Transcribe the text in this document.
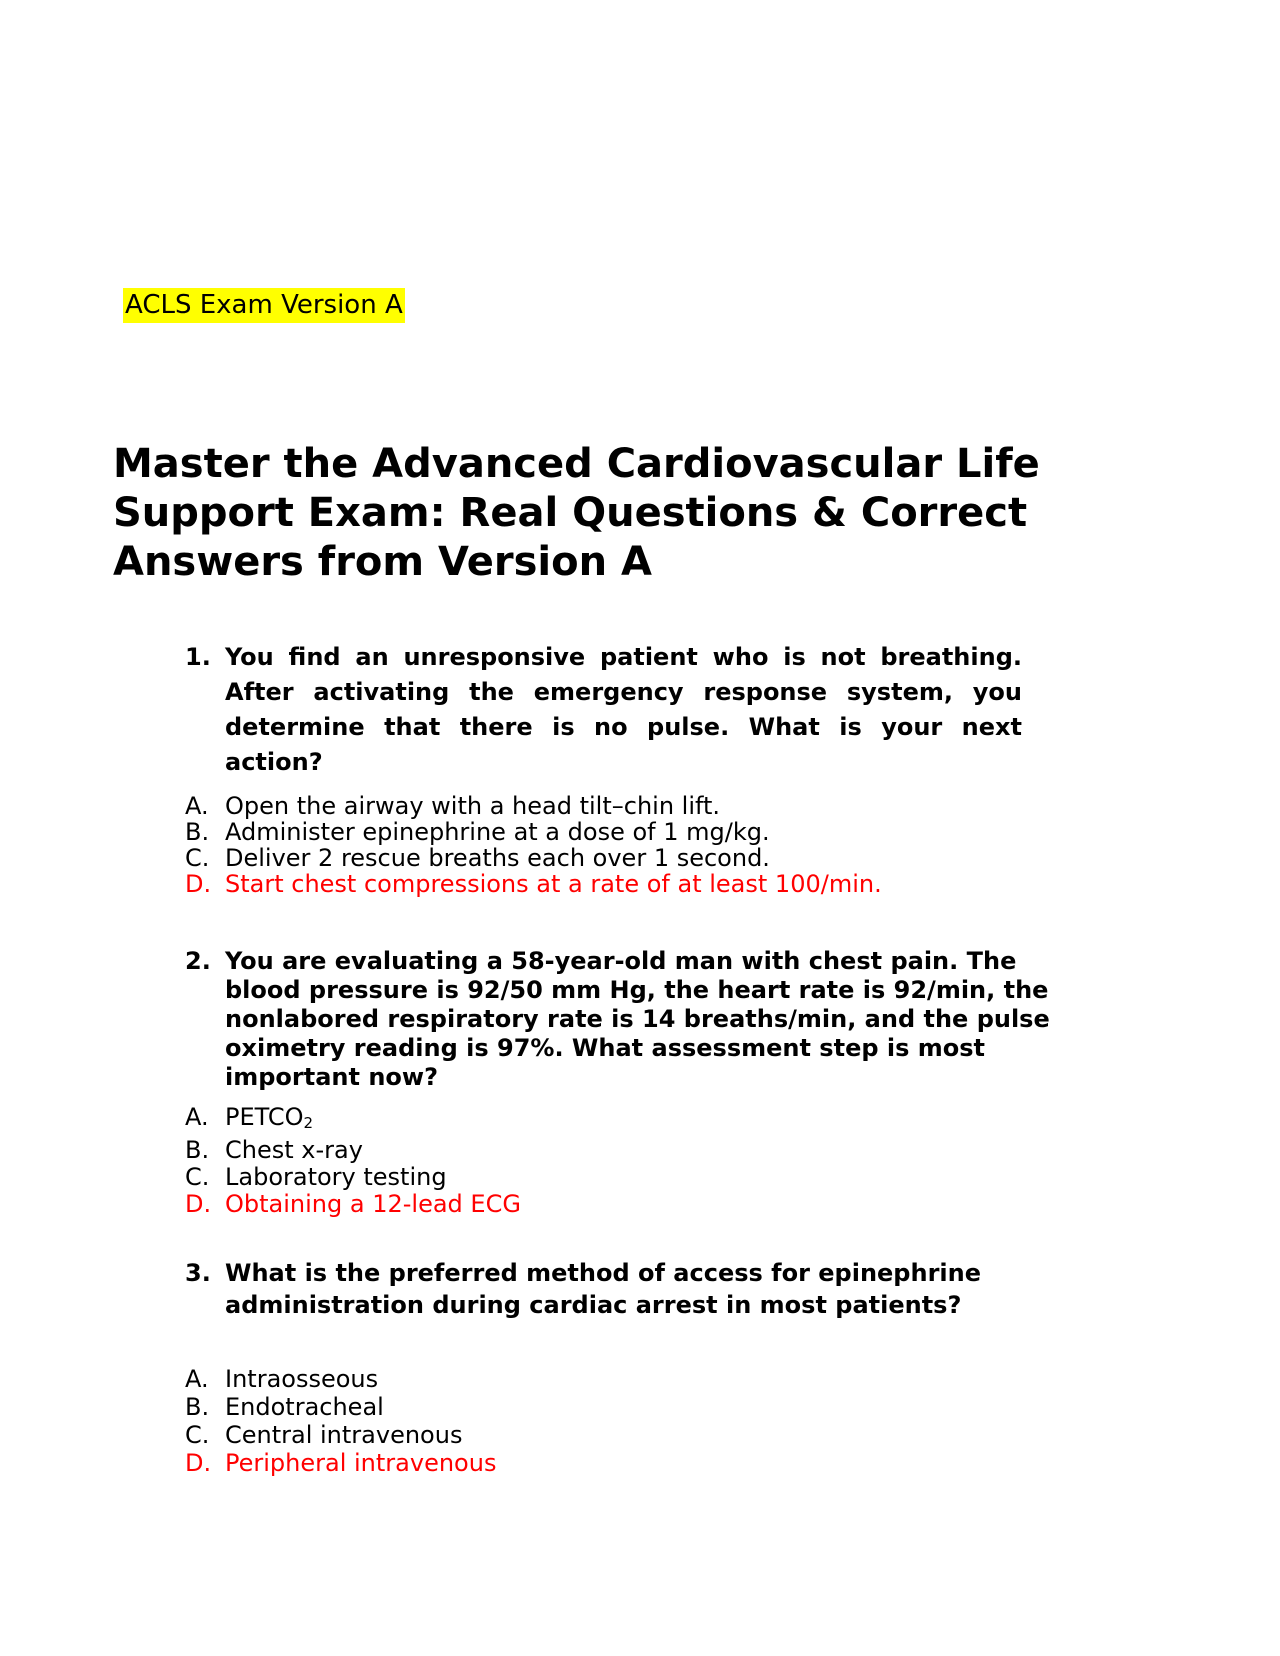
ACLS Exam Version A
Master the Advanced Cardiovascular Life Support Exam: Real Questions & Correct Answers from Version A
1. You find an unresponsive patient who is not breathing. After activating the emergency response system, you determine that there is no pulse. What is your next action?
A. Open the airway with a head tilt–chin lift.
B. Administer epinephrine at a dose of 1 mg/kg.
C. Deliver 2 rescue breaths each over 1 second.
D. Start chest compressions at a rate of at least 100/min.
2. You are evaluating a 58-year-old man with chest pain. The blood pressure is 92/50 mm Hg, the heart rate is 92/min, the nonlabored respiratory rate is 14 breaths/min, and the pulse oximetry reading is 97%. What assessment step is most important now?
A. $PETCO_2$
B. Chest x-ray
C. Laboratory testing
D. Obtaining a 12-lead ECG
3. What is the preferred method of access for epinephrine administration during cardiac arrest in most patients?
A. Intraosseous
B. Endotracheal
C. Central intravenous
D. Peripheral intravenous
